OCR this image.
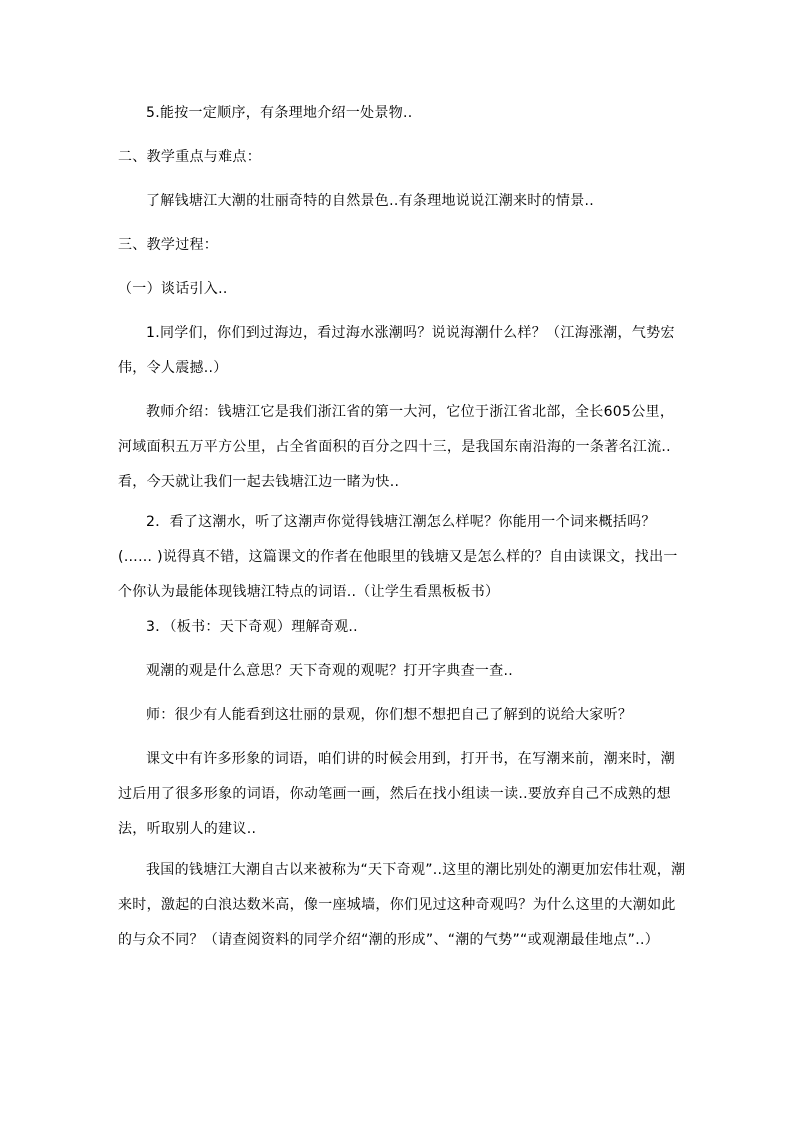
5.能按一定顺序，有条理地介绍一处景物..
二、教学重点与难点：
了解钱塘江大潮的壮丽奇特的自然景色..有条理地说说江潮来时的情景..
三、教学过程：
（一）谈话引入..
1.同学们，你们到过海边，看过海水涨潮吗？说说海潮什么样？（江海涨潮，气势宏伟，令人震撼..）
教师介绍：钱塘江它是我们浙江省的第一大河，它位于浙江省北部，全长605公里，河域面积五万平方公里，占全省面积的百分之四十三，是我国东南沿海的一条著名江流..看，今天就让我们一起去钱塘江边一睹为快..
2．看了这潮水，听了这潮声你觉得钱塘江潮怎么样呢？你能用一个词来概括吗？(…… )说得真不错，这篇课文的作者在他眼里的钱塘又是怎么样的？自由读课文，找出一个你认为最能体现钱塘江特点的词语..（让学生看黑板板书）
3．（板书：天下奇观）理解奇观..
观潮的观是什么意思？天下奇观的观呢？打开字典查一查..
师：很少有人能看到这壮丽的景观，你们想不想把自己了解到的说给大家听？
课文中有许多形象的词语，咱们讲的时候会用到，打开书，在写潮来前，潮来时，潮过后用了很多形象的词语，你动笔画一画，然后在找小组读一读..要放弃自己不成熟的想法，听取别人的建议..
我国的钱塘江大潮自古以来被称为“天下奇观”..这里的潮比别处的潮更加宏伟壮观，潮来时，激起的白浪达数米高，像一座城墙，你们见过这种奇观吗？为什么这里的大潮如此的与众不同？（请查阅资料的同学介绍“潮的形成”、“潮的气势”“或观潮最佳地点”..）
